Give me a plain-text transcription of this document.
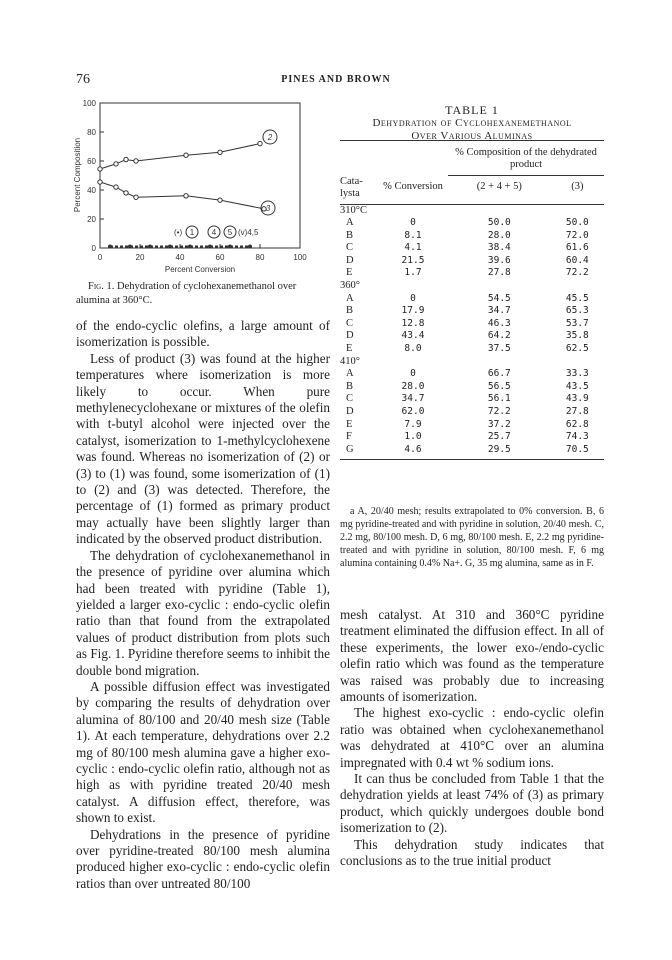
76	PINES AND BROWN
0
20
40
60
80
100
0	20	40	60	80	100
Percent Conversion
Percent Composition
2
3
(•) 1 4 5 (v)4,5
Fig. 1. Dehydration of cyclohexanemethanol over alumina at 360°C.

of the endo-cyclic olefins, a large amount of isomerization is possible.

Less of product (3) was found at the higher temperatures where isomerization is more likely to occur. When pure methylenecyclohexane or mixtures of the olefin with t-butyl alcohol were injected over the catalyst, isomerization to 1-methylcyclohexene was found. Whereas no isomerization of (2) or (3) to (1) was found, some isomerization of (1) to (2) and (3) was detected. Therefore, the percentage of (1) formed as primary product may actually have been slightly larger than indicated by the observed product distribution.

The dehydration of cyclohexanemethanol in the presence of pyridine over alumina which had been treated with pyridine (Table 1), yielded a larger exo-cyclic : endo-cyclic olefin ratio than that found from the extrapolated values of product distribution from plots such as Fig. 1. Pyridine therefore seems to inhibit the double bond migration.

A possible diffusion effect was investigated by comparing the results of dehydration over alumina of 80/100 and 20/40 mesh size (Table 1). At each temperature, dehydrations over 2.2 mg of 80/100 mesh alumina gave a higher exo-cyclic : endo-cyclic olefin ratio, although not as high as with pyridine treated 20/40 mesh catalyst. A diffusion effect, therefore, was shown to exist.

Dehydrations in the presence of pyridine over pyridine-treated 80/100 mesh alumina produced higher exo-cyclic : endo-cyclic olefin ratios than over untreated 80/100

TABLE 1
Dehydration of Cyclohexanemethanol
Over Various Aluminas
		% Composition of the dehydrated product	
Cata-lysta	% Conversion	(2 + 4 + 5)	(3)

310°C			
A	0	50.0	50.0
B	8.1	28.0	72.0
C	4.1	38.4	61.6
D	21.5	39.6	60.4
E	1.7	27.8	72.2
360°			
A	0	54.5	45.5
B	17.9	34.7	65.3
C	12.8	46.3	53.7
D	43.4	64.2	35.8
E	8.0	37.5	62.5
410°			
A	0	66.7	33.3
B	28.0	56.5	43.5
C	34.7	56.1	43.9
D	62.0	72.2	27.8
E	7.9	37.2	62.8
F	1.0	25.7	74.3
G	4.6	29.5	70.5
a A, 20/40 mesh; results extrapolated to 0% conversion. B, 6 mg pyridine-treated and with pyridine in solution, 20/40 mesh. C, 2.2 mg, 80/100 mesh. D, 6 mg, 80/100 mesh. E, 2.2 mg pyridine-treated and with pyridine in solution, 80/100 mesh. F, 6 mg alumina containing 0.4% Na+. G, 35 mg alumina, same as in F.

mesh catalyst. At 310 and 360°C pyridine treatment eliminated the diffusion effect. In all of these experiments, the lower exo-/endo-cyclic olefin ratio which was found as the temperature was raised was probably due to increasing amounts of isomerization.

The highest exo-cyclic : endo-cyclic olefin ratio was obtained when cyclohexanemethanol was dehydrated at 410°C over an alumina impregnated with 0.4 wt % sodium ions.

It can thus be concluded from Table 1 that the dehydration yields at least 74% of (3) as primary product, which quickly undergoes double bond isomerization to (2).

This dehydration study indicates that conclusions as to the true initial product
